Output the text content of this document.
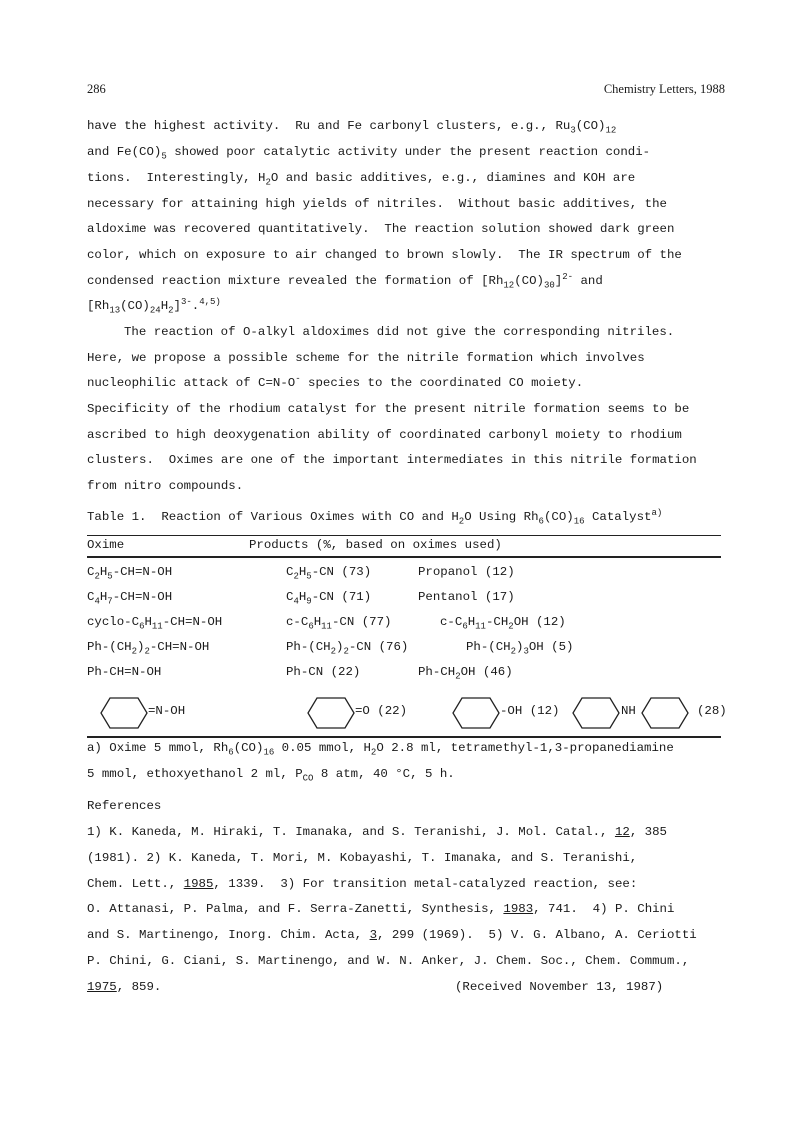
286	Chemistry Letters, 1988
have the highest activity.  Ru and Fe carbonyl clusters, e.g., $Ru_3(CO)_{12}$
and $Fe(CO)_5$ showed poor catalytic activity under the present reaction condi-
tions.  Interestingly, $H_2O$ and basic additives, e.g., diamines and KOH are
necessary for attaining high yields of nitriles.  Without basic additives, the
aldoxime was recovered quantitatively.  The reaction solution showed dark green
color, which on exposure to air changed to brown slowly.  The IR spectrum of the
condensed reaction mixture revealed the formation of $[Rh_{12}(CO)_{30}]^{2-}$ and
$[Rh_{13}(CO)_{24}H_2]^{3-}.^{4,5)}$
The reaction of O-alkyl aldoximes did not give the corresponding nitriles.
Here, we propose a possible scheme for the nitrile formation which involves
nucleophilic attack of C=N-O- species to the coordinated CO moiety.
Specificity of the rhodium catalyst for the present nitrile formation seems to be
ascribed to high deoxygenation ability of coordinated carbonyl moiety to rhodium
clusters.  Oximes are one of the important intermediates in this nitrile formation
from nitro compounds.
Table 1.  Reaction of Various Oximes with CO and $H_2O$ Using $Rh_6(CO)_{16}$ Catalyst$^{a)}$
Oxime	Products (%, based on oximes used)
$C_2H_5-CH=N-OH$	$C_2H_5-CN$ (73)	Propanol (12)
$C_4H_7-CH=N-OH$	$C_4H_9-CN$ (71)	Pentanol (17)
cyclo-$C_6H_{11}-CH=N-OH$	$c-C_6H_{11}-CN$ (77)	$c-C_6H_{11}-CH_2OH$ (12)
$Ph-(CH_2)_2-CH=N-OH$	$Ph-(CH_2)_2-CN$ (76)	$Ph-(CH_2)_3OH$ (5)
Ph-CH=N-OH	Ph-CN (22)	$Ph-CH_2OH$ (46)
=N-OH	=O (22)	-OH (12)	NH	(28)
a) Oxime 5 mmol, $Rh_6(CO)_{16}$ 0.05 mmol, $H_2O$ 2.8 ml, tetramethyl-1,3-propanediamine
5 mmol, ethoxyethanol 2 ml, $P_{CO}$ 8 atm, 40 °C, 5 h.
References
1) K. Kaneda, M. Hiraki, T. Imanaka, and S. Teranishi, J. Mol. Catal., 12, 385
(1981). 2) K. Kaneda, T. Mori, M. Kobayashi, T. Imanaka, and S. Teranishi,
Chem. Lett., 1985, 1339.  3) For transition metal-catalyzed reaction, see:
O. Attanasi, P. Palma, and F. Serra-Zanetti, Synthesis, 1983, 741.  4) P. Chini
and S. Martinengo, Inorg. Chim. Acta, 3, 299 (1969).  5) V. G. Albano, A. Ceriotti
P. Chini, G. Ciani, S. Martinengo, and W. N. Anker, J. Chem. Soc., Chem. Commum.,
1975, 859.	(Received November 13, 1987)
